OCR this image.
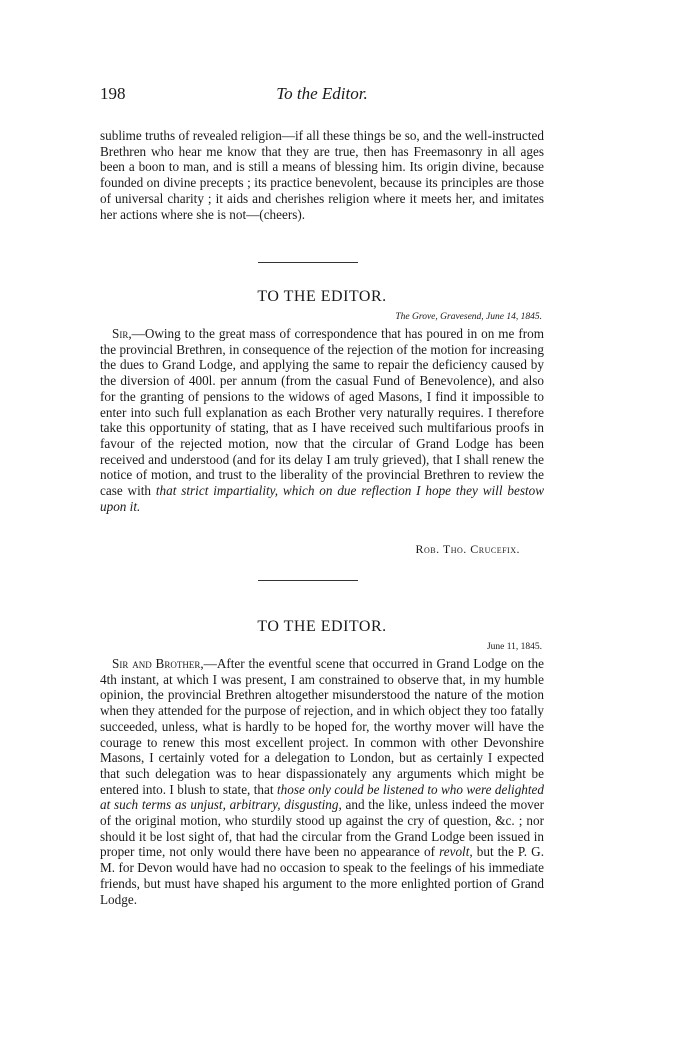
198	To the Editor.

sublime truths of revealed religion—if all these things be so, and the well-instructed Brethren who hear me know that they are true, then has Freemasonry in all ages been a boon to man, and is still a means of blessing him. Its origin divine, because founded on divine precepts ; its practice benevolent, because its principles are those of universal charity ; it aids and cherishes religion where it meets her, and imitates her actions where she is not—(cheers).

TO THE EDITOR.
The Grove, Gravesend, June 14, 1845.

Sir,—Owing to the great mass of correspondence that has poured in on me from the provincial Brethren, in consequence of the rejection of the motion for increasing the dues to Grand Lodge, and applying the same to repair the deficiency caused by the diversion of 400l. per annum (from the casual Fund of Benevolence), and also for the granting of pensions to the widows of aged Masons, I find it impossible to enter into such full explanation as each Brother very naturally requires. I therefore take this opportunity of stating, that as I have received such multifarious proofs in favour of the rejected motion, now that the circular of Grand Lodge has been received and understood (and for its delay I am truly grieved), that I shall renew the notice of motion, and trust to the liberality of the provincial Brethren to review the case with that strict impartiality, which on due reflection I hope they will bestow upon it.

Rob. Tho. Crucefix.
TO THE EDITOR.
June 11, 1845.

Sir and Brother,—After the eventful scene that occurred in Grand Lodge on the 4th instant, at which I was present, I am constrained to observe that, in my humble opinion, the provincial Brethren altogether misunderstood the nature of the motion when they attended for the purpose of rejection, and in which object they too fatally succeeded, unless, what is hardly to be hoped for, the worthy mover will have the courage to renew this most excellent project. In common with other Devonshire Masons, I certainly voted for a delegation to London, but as certainly I expected that such delegation was to hear dispassionately any arguments which might be entered into. I blush to state, that those only could be listened to who were delighted at such terms as unjust, arbitrary, disgusting, and the like, unless indeed the mover of the original motion, who sturdily stood up against the cry of question, &c. ; nor should it be lost sight of, that had the circular from the Grand Lodge been issued in proper time, not only would there have been no appearance of revolt, but the P. G. M. for Devon would have had no occasion to speak to the feelings of his immediate friends, but must have shaped his argument to the more enlighted portion of Grand Lodge.
